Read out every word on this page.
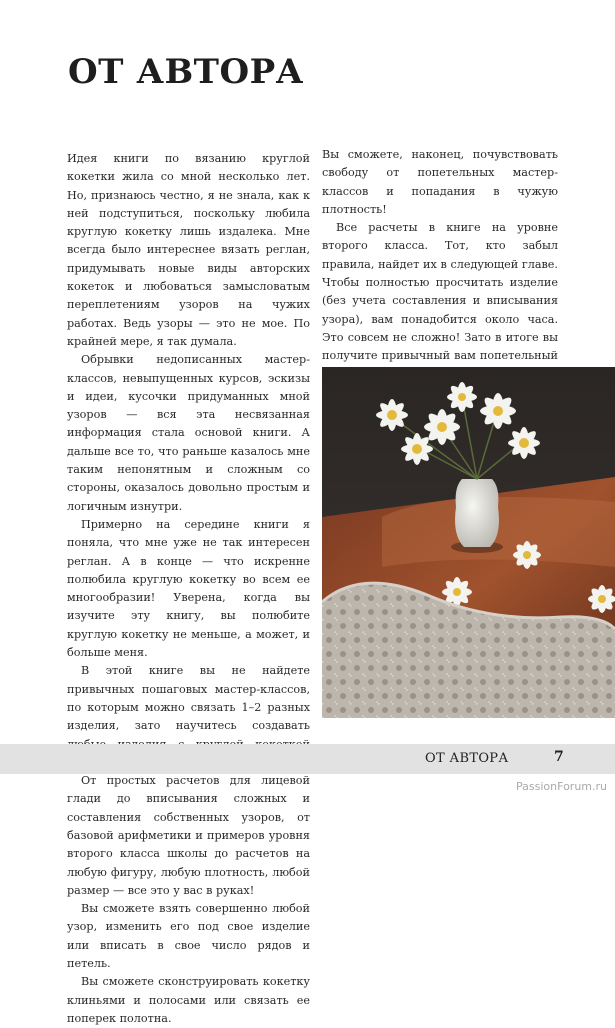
ОТ АВТОРА

Идея книги по вязанию круглой кокетки жила со мной несколько лет. Но, признаюсь честно, я не знала, как к ней подступиться, поскольку любила круглую кокетку лишь издалека. Мне всегда было интереснее вязать реглан, придумывать новые виды авторских кокеток и любоваться замысловатым переплетениям узоров на чужих работах. Ведь узоры — это не мое. По крайней мере, я так думала.

Обрывки недописанных мастер-классов, невыпущенных курсов, эскизы и идеи, кусочки придуманных мной узоров — вся эта несвязанная информация стала основой книги. А дальше все то, что раньше казалось мне таким непонятным и сложным со стороны, оказалось довольно простым и логичным изнутри.

Примерно на середине книги я поняла, что мне уже не так интересен реглан. А в конце — что искренне полюбила круглую кокетку во всем ее многообразии! Уверена, когда вы изучите эту книгу, вы полюбите круглую кокетку не меньше, а может, и больше меня.

В этой книге вы не найдете привычных пошаговых мастер-классов, по которым можно связать 1–2 разных изделия, зато научитесь создавать

От простых расчетов для лицевой глади до вписывания сложных и составления собственных узоров, от базовой арифметики и примеров уровня второго класса школы до расчетов на любую фигуру, любую плотность, любой размер — все это у вас в руках!

Вы сможете взять совершенно любой узор, изменить его под свое изделие или вписать в свое число рядов и петель.

Вы сможете сконструировать кокетку клиньями и полосами или связать ее поперек полотна.

Вы сможете, наконец, почувствовать свободу от попетельных мастер-классов и попадания в чужую плотность!

Все расчеты в книге на уровне второго класса. Тот, кто забыл правила, найдет их в следующей главе. Чтобы полностью просчитать изделие (без учета составления и вписывания узора), вам понадобится около часа. Это совсем не сложно! Зато в итоге вы получите привычный вам попетельный

ОТ АВТОРА	7
PassionForum.ru
